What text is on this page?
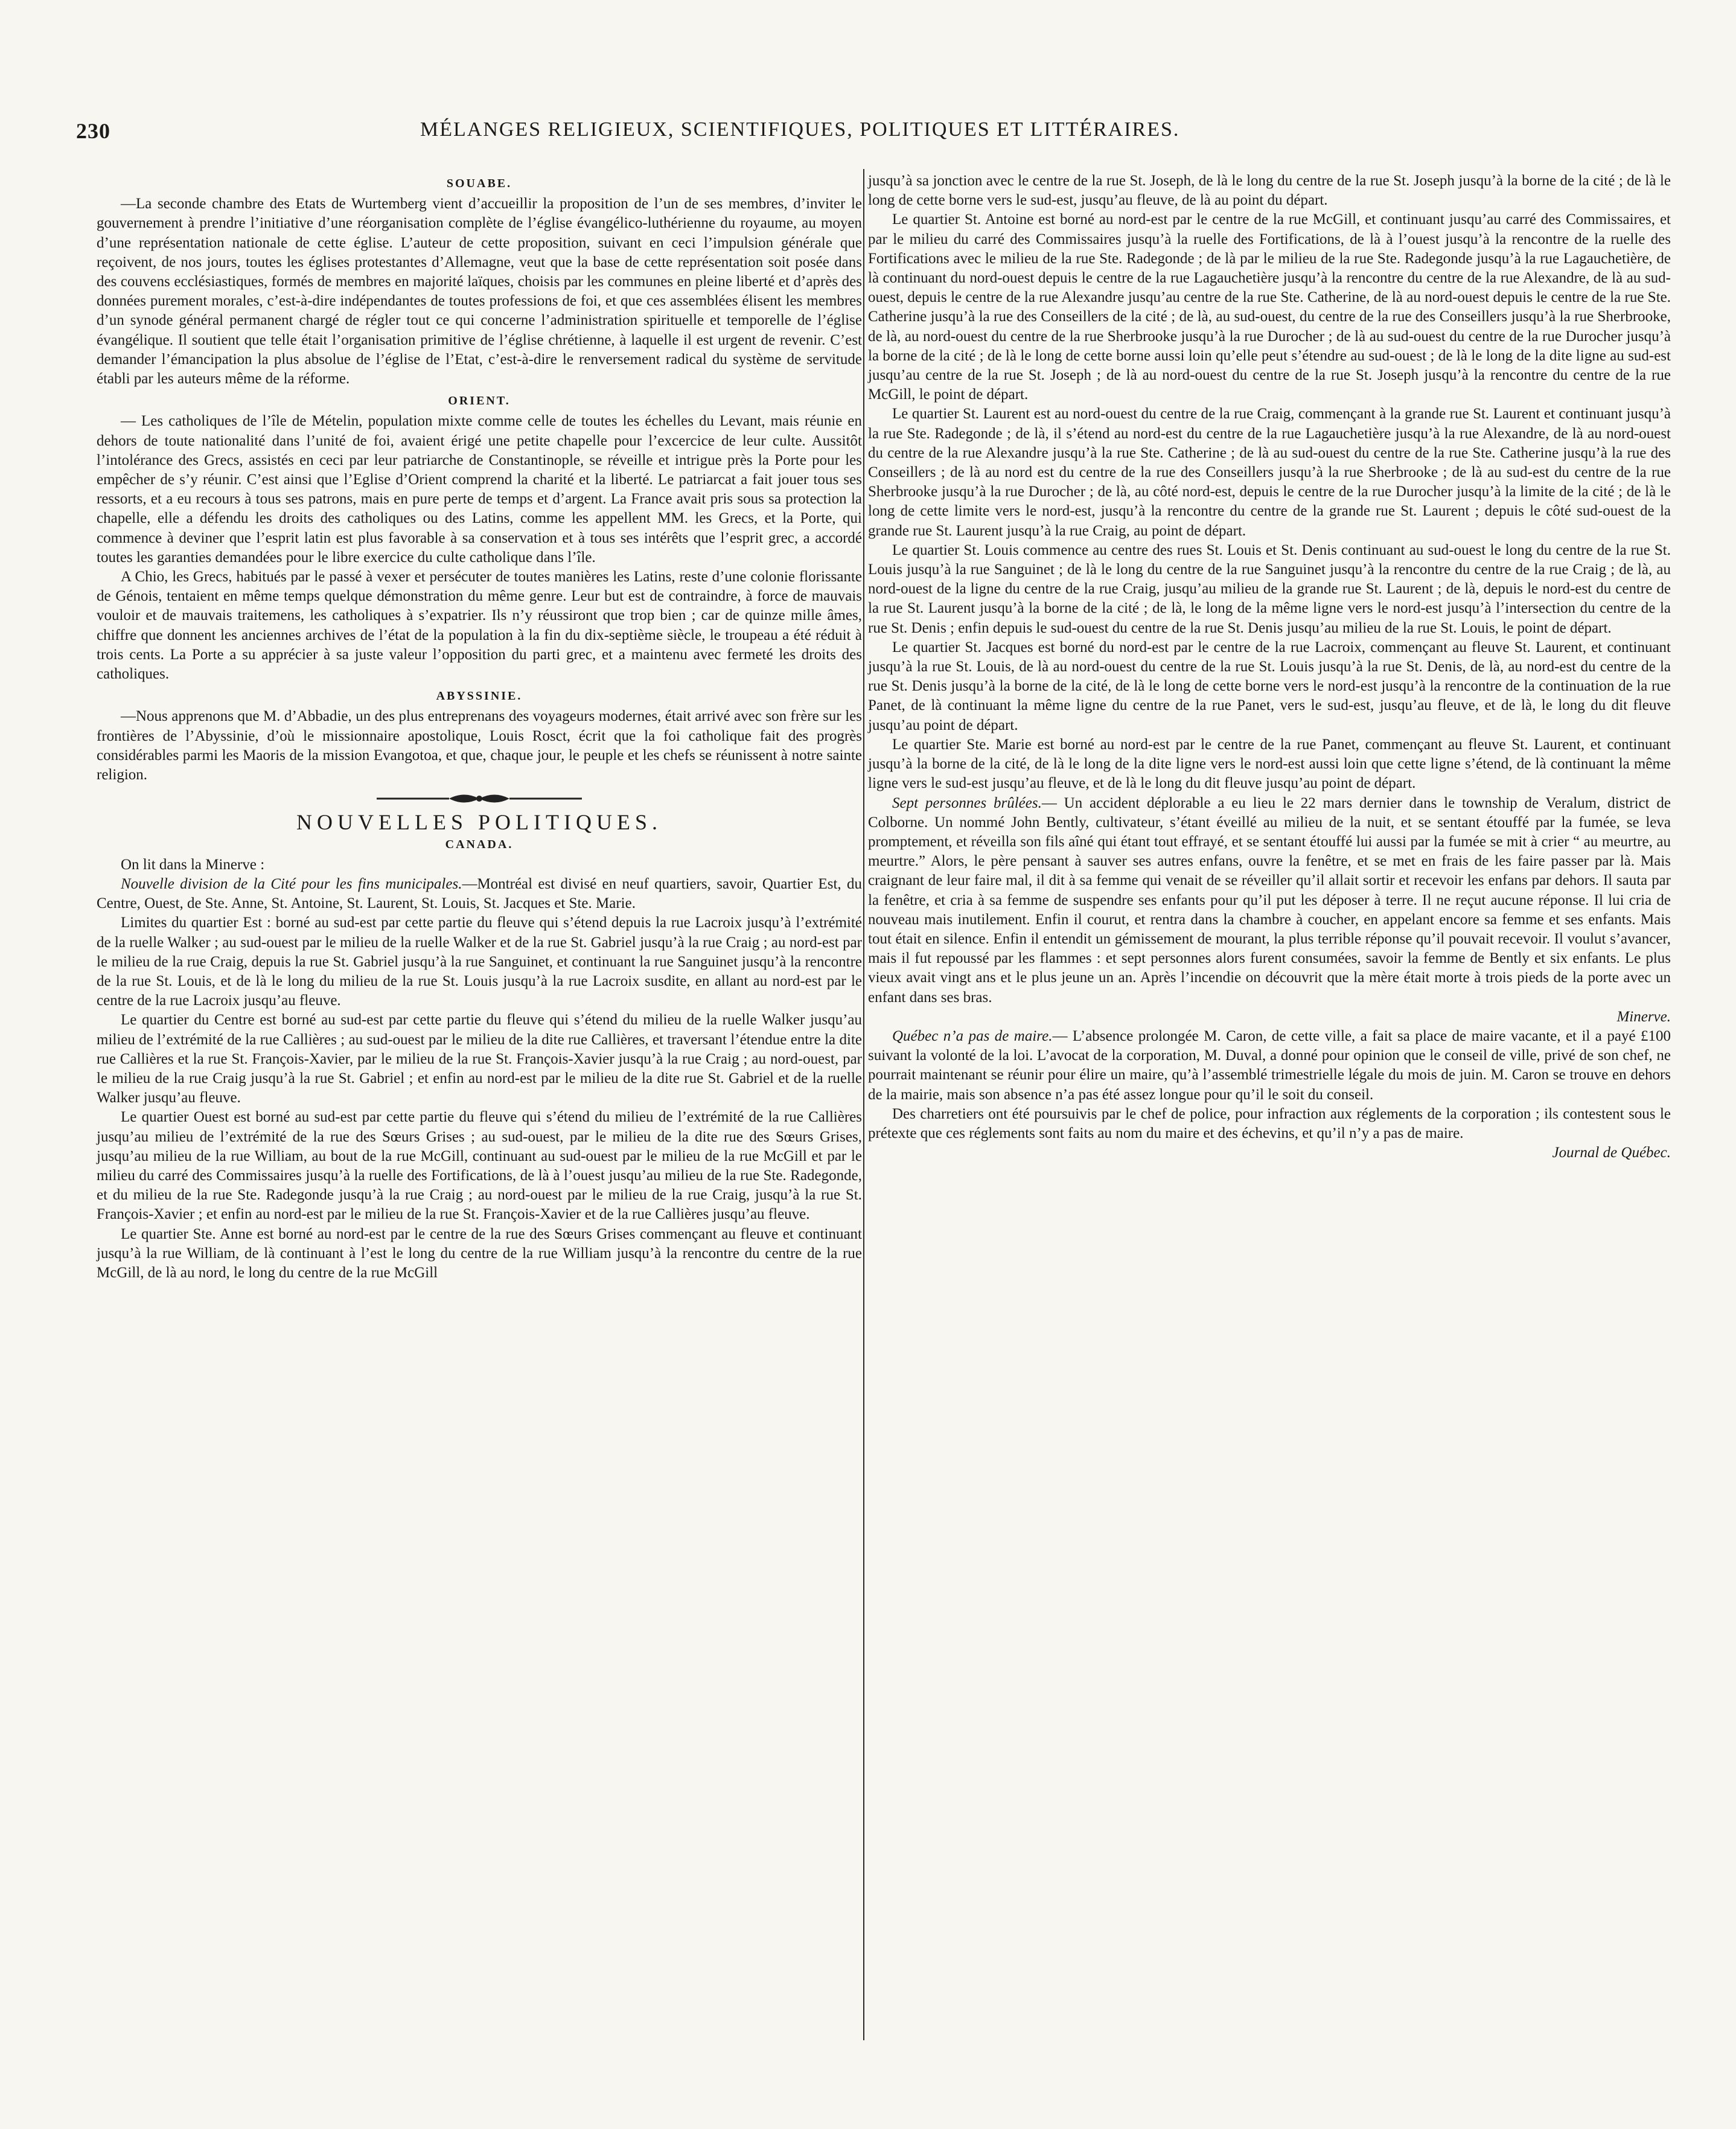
230	MÉLANGES RELIGIEUX, SCIENTIFIQUES, POLITIQUES ET LITTÉRAIRES.
SOUABE.

—La seconde chambre des Etats de Wurtemberg vient d’accueillir la proposition de l’un de ses membres, d’inviter le gouvernement à prendre l’initiative d’une réorganisation complète de l’église évangélico-luthérienne du royaume, au moyen d’une représentation nationale de cette église. L’auteur de cette proposition, suivant en ceci l’impulsion générale que reçoivent, de nos jours, toutes les églises protestantes d’Allemagne, veut que la base de cette représentation soit posée dans des couvens ecclésiastiques, formés de membres en majorité laïques, choisis par les communes en pleine liberté et d’après des données purement morales, c’est-à-dire indépendantes de toutes professions de foi, et que ces assemblées élisent les membres d’un synode général permanent chargé de régler tout ce qui concerne l’administration spirituelle et temporelle de l’église évangélique. Il soutient que telle était l’organisation primitive de l’église chrétienne, à laquelle il est urgent de revenir. C’est demander l’émancipation la plus absolue de l’église de l’Etat, c’est-à-dire le renversement radical du système de servitude établi par les auteurs même de la réforme.

ORIENT.

— Les catholiques de l’île de Mételin, population mixte comme celle de toutes les échelles du Levant, mais réunie en dehors de toute nationalité dans l’unité de foi, avaient érigé une petite chapelle pour l’excercice de leur culte. Aussitôt l’intolérance des Grecs, assistés en ceci par leur patriarche de Constantinople, se réveille et intrigue près la Porte pour les empêcher de s’y réunir. C’est ainsi que l’Eglise d’Orient comprend la charité et la liberté. Le patriarcat a fait jouer tous ses ressorts, et a eu recours à tous ses patrons, mais en pure perte de temps et d’argent. La France avait pris sous sa protection la chapelle, elle a défendu les droits des catholiques ou des Latins, comme les appellent MM. les Grecs, et la Porte, qui commence à deviner que l’esprit latin est plus favorable à sa conservation et à tous ses intérêts que l’esprit grec, a accordé toutes les garanties demandées pour le libre exercice du culte catholique dans l’île.

A Chio, les Grecs, habitués par le passé à vexer et persécuter de toutes manières les Latins, reste d’une colonie florissante de Génois, tentaient en même temps quelque démonstration du même genre. Leur but est de contraindre, à force de mauvais vouloir et de mauvais traitemens, les catholiques à s’expatrier. Ils n’y réussiront que trop bien ; car de quinze mille âmes, chiffre que donnent les anciennes archives de l’état de la population à la fin du dix-septième siècle, le troupeau a été réduit à trois cents. La Porte a su apprécier à sa juste valeur l’opposition du parti grec, et a maintenu avec fermeté les droits des catholiques.

ABYSSINIE.

—Nous apprenons que M. d’Abbadie, un des plus entreprenans des voyageurs modernes, était arrivé avec son frère sur les frontières de l’Abyssinie, d’où le missionnaire apostolique, Louis Rosct, écrit que la foi catholique fait des progrès considérables parmi les Maoris de la mission Evangotoa, et que, chaque jour, le peuple et les chefs se réunissent à notre sainte religion.

NOUVELLES POLITIQUES.
CANADA.

On lit dans la Minerve :

Nouvelle division de la Cité pour les fins municipales.—Montréal est divisé en neuf quartiers, savoir, Quartier Est, du Centre, Ouest, de Ste. Anne, St. Antoine, St. Laurent, St. Louis, St. Jacques et Ste. Marie.

Limites du quartier Est : borné au sud-est par cette partie du fleuve qui s’étend depuis la rue Lacroix jusqu’à l’extrémité de la ruelle Walker ; au sud-ouest par le milieu de la ruelle Walker et de la rue St. Gabriel jusqu’à la rue Craig ; au nord-est par le milieu de la rue Craig, depuis la rue St. Gabriel jusqu’à la rue Sanguinet, et continuant la rue Sanguinet jusqu’à la rencontre de la rue St. Louis, et de là le long du milieu de la rue St. Louis jusqu’à la rue Lacroix susdite, en allant au nord-est par le centre de la rue Lacroix jusqu’au fleuve.

Le quartier du Centre est borné au sud-est par cette partie du fleuve qui s’étend du milieu de la ruelle Walker jusqu’au milieu de l’extrémité de la rue Callières ; au sud-ouest par le milieu de la dite rue Callières, et traversant l’étendue entre la dite rue Callières et la rue St. François-Xavier, par le milieu de la rue St. François-Xavier jusqu’à la rue Craig ; au nord-ouest, par le milieu de la rue Craig jusqu’à la rue St. Gabriel ; et enfin au nord-est par le milieu de la dite rue St. Gabriel et de la ruelle Walker jusqu’au fleuve.

Le quartier Ouest est borné au sud-est par cette partie du fleuve qui s’étend du milieu de l’extrémité de la rue Callières jusqu’au milieu de l’extrémité de la rue des Sœurs Grises ; au sud-ouest, par le milieu de la dite rue des Sœurs Grises, jusqu’au milieu de la rue William, au bout de la rue McGill, continuant au sud-ouest par le milieu de la rue McGill et par le milieu du carré des Commissaires jusqu’à la ruelle des Fortifications, de là à l’ouest jusqu’au milieu de la rue Ste. Radegonde, et du milieu de la rue Ste. Radegonde jusqu’à la rue Craig ; au nord-ouest par le milieu de la rue Craig, jusqu’à la rue St. François-Xavier ; et enfin au nord-est par le milieu de la rue St. François-Xavier et de la rue Callières jusqu’au fleuve.

Le quartier Ste. Anne est borné au nord-est par le centre de la rue des Sœurs Grises commençant au fleuve et continuant jusqu’à la rue William, de là continuant à l’est le long du centre de la rue William jusqu’à la rencontre du centre de la rue McGill, de là au nord, le long du centre de la rue McGill

jusqu’à sa jonction avec le centre de la rue St. Joseph, de là le long du centre de la rue St. Joseph jusqu’à la borne de la cité ; de là le long de cette borne vers le sud-est, jusqu’au fleuve, de là au point du départ.

Le quartier St. Antoine est borné au nord-est par le centre de la rue McGill, et continuant jusqu’au carré des Commissaires, et par le milieu du carré des Commissaires jusqu’à la ruelle des Fortifications, de là à l’ouest jusqu’à la rencontre de la ruelle des Fortifications avec le milieu de la rue Ste. Radegonde ; de là par le milieu de la rue Ste. Radegonde jusqu’à la rue Lagauchetière, de là continuant du nord-ouest depuis le centre de la rue Lagauchetière jusqu’à la rencontre du centre de la rue Alexandre, de là au sud-ouest, depuis le centre de la rue Alexandre jusqu’au centre de la rue Ste. Catherine, de là au nord-ouest depuis le centre de la rue Ste. Catherine jusqu’à la rue des Conseillers de la cité ; de là, au sud-ouest, du centre de la rue des Conseillers jusqu’à la rue Sherbrooke, de là, au nord-ouest du centre de la rue Sherbrooke jusqu’à la rue Durocher ; de là au sud-ouest du centre de la rue Durocher jusqu’à la borne de la cité ; de là le long de cette borne aussi loin qu’elle peut s’étendre au sud-ouest ; de là le long de la dite ligne au sud-est jusqu’au centre de la rue St. Joseph ; de là au nord-ouest du centre de la rue St. Joseph jusqu’à la rencontre du centre de la rue McGill, le point de départ.

Le quartier St. Laurent est au nord-ouest du centre de la rue Craig, commençant à la grande rue St. Laurent et continuant jusqu’à la rue Ste. Radegonde ; de là, il s’étend au nord-est du centre de la rue Lagauchetière jusqu’à la rue Alexandre, de là au nord-ouest du centre de la rue Alexandre jusqu’à la rue Ste. Catherine ; de là au sud-ouest du centre de la rue Ste. Catherine jusqu’à la rue des Conseillers ; de là au nord est du centre de la rue des Conseillers jusqu’à la rue Sherbrooke ; de là au sud-est du centre de la rue Sherbrooke jusqu’à la rue Durocher ; de là, au côté nord-est, depuis le centre de la rue Durocher jusqu’à la limite de la cité ; de là le long de cette limite vers le nord-est, jusqu’à la rencontre du centre de la grande rue St. Laurent ; depuis le côté sud-ouest de la grande rue St. Laurent jusqu’à la rue Craig, au point de départ.

Le quartier St. Louis commence au centre des rues St. Louis et St. Denis continuant au sud-ouest le long du centre de la rue St. Louis jusqu’à la rue Sanguinet ; de là le long du centre de la rue Sanguinet jusqu’à la rencontre du centre de la rue Craig ; de là, au nord-ouest de la ligne du centre de la rue Craig, jusqu’au milieu de la grande rue St. Laurent ; de là, depuis le nord-est du centre de la rue St. Laurent jusqu’à la borne de la cité ; de là, le long de la même ligne vers le nord-est jusqu’à l’intersection du centre de la rue St. Denis ; enfin depuis le sud-ouest du centre de la rue St. Denis jusqu’au milieu de la rue St. Louis, le point de départ.

Le quartier St. Jacques est borné du nord-est par le centre de la rue Lacroix, commençant au fleuve St. Laurent, et continuant jusqu’à la rue St. Louis, de là au nord-ouest du centre de la rue St. Louis jusqu’à la rue St. Denis, de là, au nord-est du centre de la rue St. Denis jusqu’à la borne de la cité, de là le long de cette borne vers le nord-est jusqu’à la rencontre de la continuation de la rue Panet, de là continuant la même ligne du centre de la rue Panet, vers le sud-est, jusqu’au fleuve, et de là, le long du dit fleuve jusqu’au point de départ.

Le quartier Ste. Marie est borné au nord-est par le centre de la rue Panet, commençant au fleuve St. Laurent, et continuant jusqu’à la borne de la cité, de là le long de la dite ligne vers le nord-est aussi loin que cette ligne s’étend, de là continuant la même ligne vers le sud-est jusqu’au fleuve, et de là le long du dit fleuve jusqu’au point de départ.

Sept personnes brûlées.— Un accident déplorable a eu lieu le 22 mars dernier dans le township de Veralum, district de Colborne. Un nommé John Bently, cultivateur, s’étant éveillé au milieu de la nuit, et se sentant étouffé par la fumée, se leva promptement, et réveilla son fils aîné qui étant tout effrayé, et se sentant étouffé lui aussi par la fumée se mit à crier “ au meurtre, au meurtre.” Alors, le père pensant à sauver ses autres enfans, ouvre la fenêtre, et se met en frais de les faire passer par là. Mais craignant de leur faire mal, il dit à sa femme qui venait de se réveiller qu’il allait sortir et recevoir les enfans par dehors. Il sauta par la fenêtre, et cria à sa femme de suspendre ses enfants pour qu’il put les déposer à terre. Il ne reçut aucune réponse. Il lui cria de nouveau mais inutilement. Enfin il courut, et rentra dans la chambre à coucher, en appelant encore sa femme et ses enfants. Mais tout était en silence. Enfin il entendit un gémissement de mourant, la plus terrible réponse qu’il pouvait recevoir. Il voulut s’avancer, mais il fut repoussé par les flammes : et sept personnes alors furent consumées, savoir la femme de Bently et six enfants. Le plus vieux avait vingt ans et le plus jeune un an. Après l’incendie on découvrit que la mère était morte à trois pieds de la porte avec un enfant dans ses bras.

Minerve.

Québec n’a pas de maire.— L’absence prolongée M. Caron, de cette ville, a fait sa place de maire vacante, et il a payé £100 suivant la volonté de la loi. L’avocat de la corporation, M. Duval, a donné pour opinion que le conseil de ville, privé de son chef, ne pourrait maintenant se réunir pour élire un maire, qu’à l’assemblé trimestrielle légale du mois de juin. M. Caron se trouve en dehors de la mairie, mais son absence n’a pas été assez longue pour qu’il le soit du conseil.

Des charretiers ont été poursuivis par le chef de police, pour infraction aux réglements de la corporation ; ils contestent sous le prétexte que ces réglements sont faits au nom du maire et des échevins, et qu’il n’y a pas de maire.

Journal de Québec.
